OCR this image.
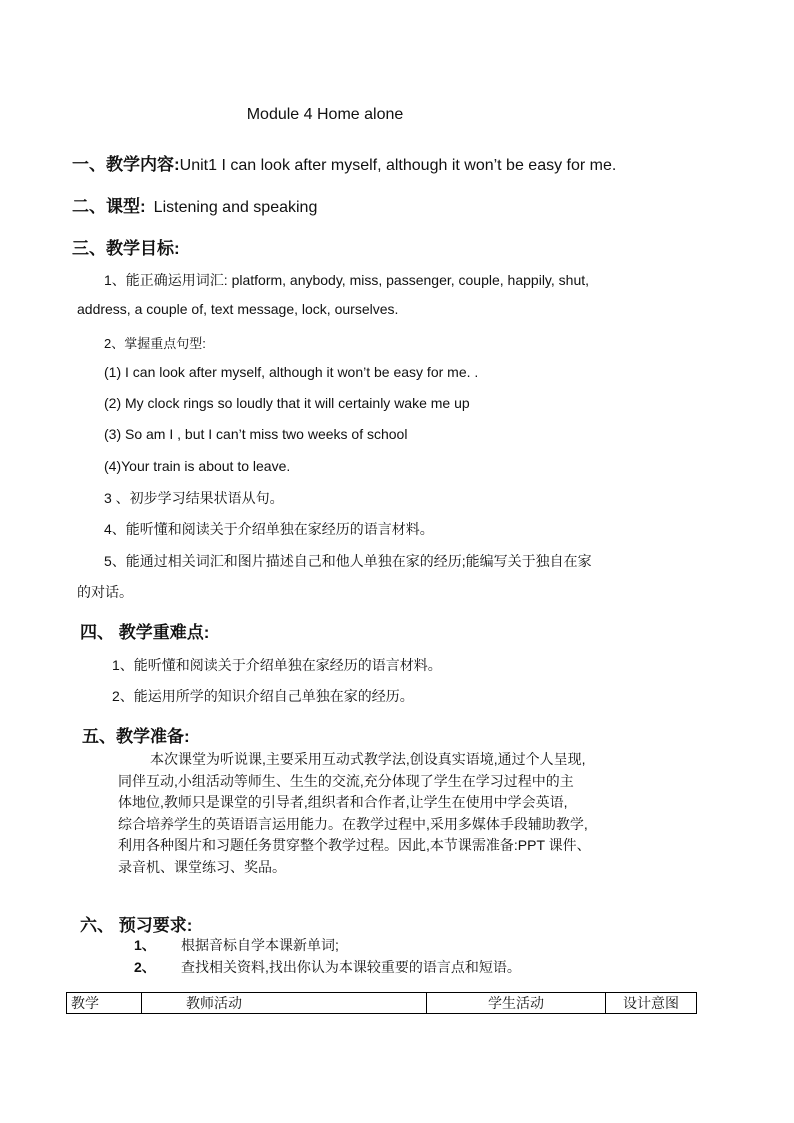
Module 4 Home alone
一、教学内容:Unit1 I can look after myself, although it won’t be easy for me.
二、课型: Listening and speaking
三、教学目标:
1、能正确运用词汇: platform, anybody, miss, passenger, couple, happily, shut,
address, a couple of, text message, lock, ourselves.
2、掌握重点句型:
(1) I can look after myself, although it won’t be easy for me. .
(2) My clock rings so loudly that it will certainly wake me up
(3) So am I , but I can’t miss two weeks of school
(4)Your train is about to leave.
3 、初步学习结果状语从句。
4、能听懂和阅读关于介绍单独在家经历的语言材料。
5、能通过相关词汇和图片描述自己和他人单独在家的经历;能编写关于独自在家
的对话。
四、 教学重难点:
1、能听懂和阅读关于介绍单独在家经历的语言材料。
2、能运用所学的知识介绍自己单独在家的经历。
五、教学准备:

本次课堂为听说课,主要采用互动式教学法,创设真实语境,通过个人呈现,

同伴互动,小组活动等师生、生生的交流,充分体现了学生在学习过程中的主

体地位,教师只是课堂的引导者,组织者和合作者,让学生在使用中学会英语,

综合培养学生的英语语言运用能力。在教学过程中,采用多媒体手段辅助教学,

利用各种图片和习题任务贯穿整个教学过程。因此,本节课需准备:PPT 课件、

录音机、课堂练习、奖品。

六、 预习要求:
1、 根据音标自学本课新单词;
2、 查找相关资料,找出你认为本课较重要的语言点和短语。
教学	教师活动	学生活动	设计意图
